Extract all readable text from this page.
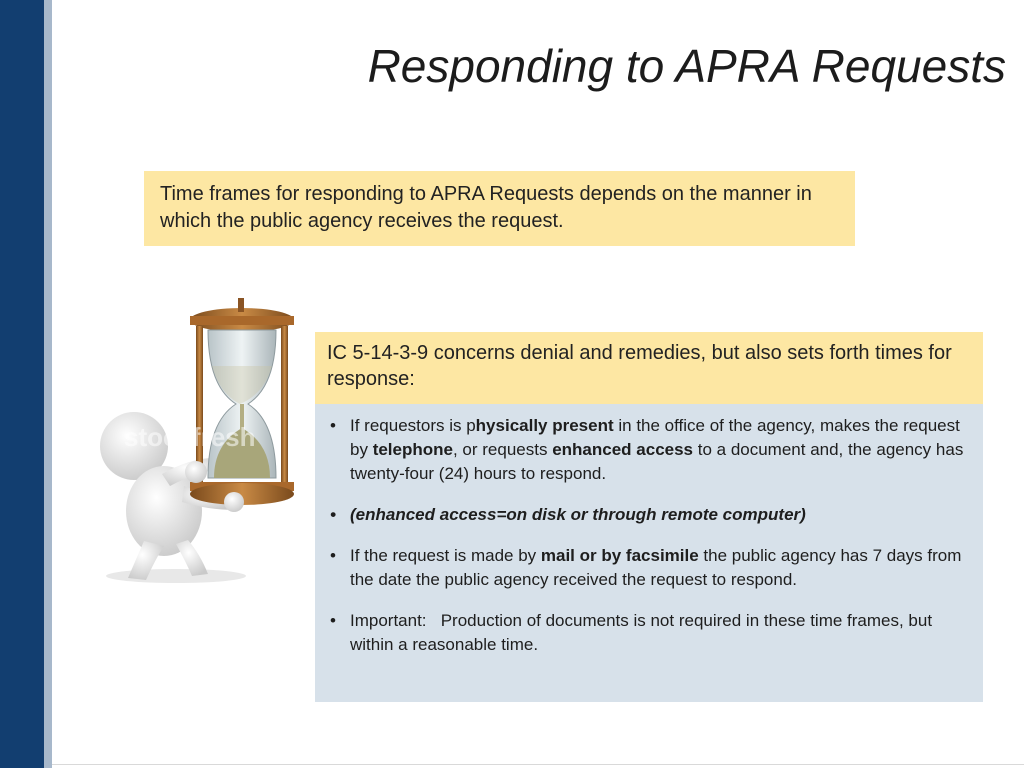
Responding to APRA Requests
Time frames for responding to APRA Requests depends on the manner in which the public agency receives the request.
stockfresh
IC 5-14-3-9 concerns denial and remedies, but also sets forth times for response:
• If requestors is physically present in the office of the agency, makes the request by telephone, or requests enhanced access to a document and, the agency has twenty-four (24) hours to respond.
• (enhanced access=on disk or through remote computer)
• If the request is made by mail or by facsimile the public agency has 7 days from the date the public agency received the request to respond.
• Important:   Production of documents is not required in these time frames, but within a reasonable time.
